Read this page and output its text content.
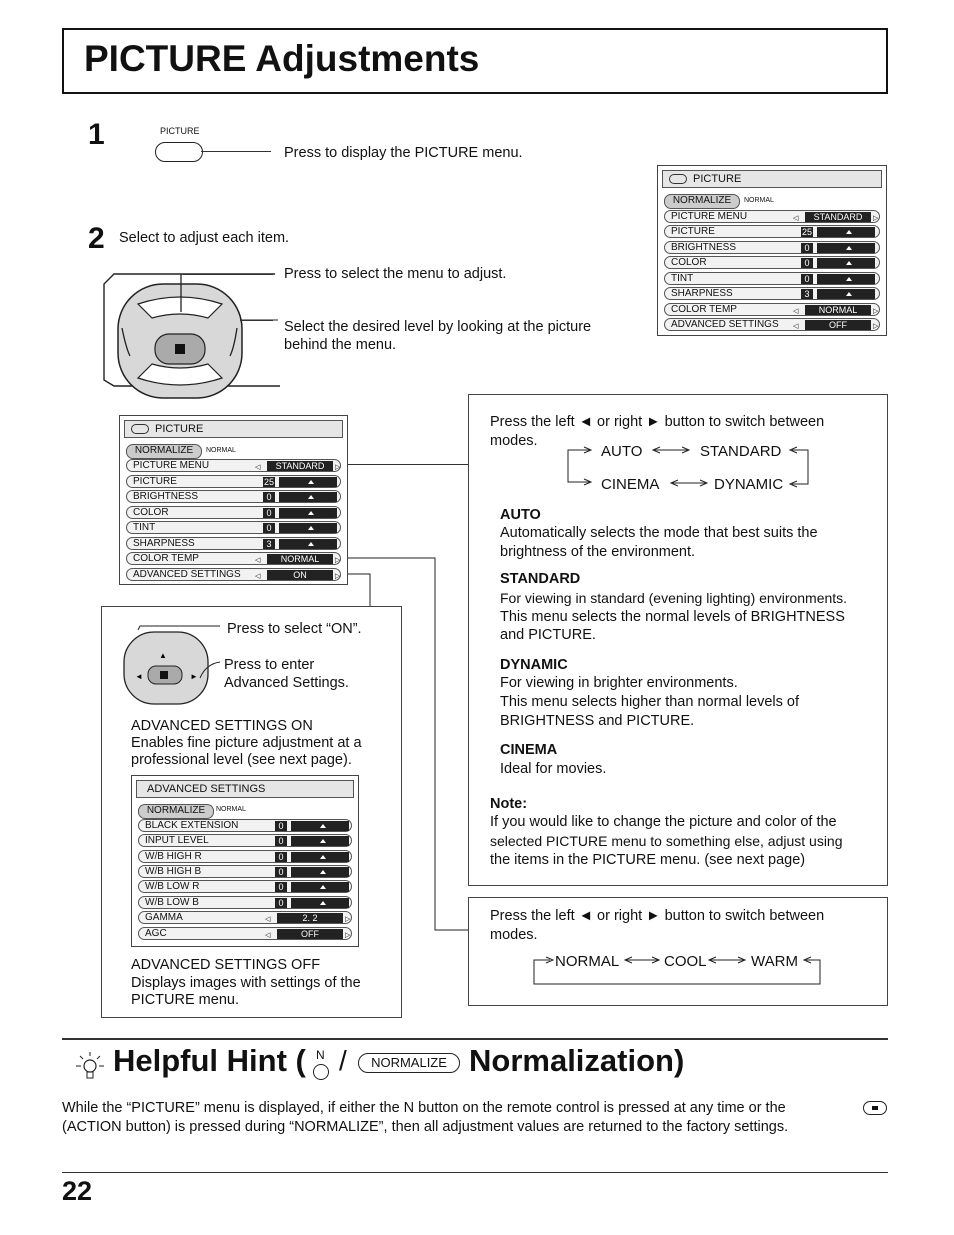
PICTURE Adjustments
1	PICTURE
Press to display the PICTURE menu.
PICTURE
NORMALIZE	NORMAL
PICTURE MENU	◁	STANDARD	▷
PICTURE	25
BRIGHTNESS	0
COLOR	0
TINT	0
SHARPNESS	3
COLOR TEMP	◁	NORMAL	▷
ADVANCED SETTINGS ◁	OFF	▷
2 Select to adjust each item.
Press to select the menu to adjust.
Select the desired level by looking at the picture
behind the menu.
PICTURE
NORMALIZE	NORMAL
PICTURE MENU	◁	STANDARD	▷
PICTURE	25
BRIGHTNESS	0
COLOR	0
TINT	0
SHARPNESS	3
COLOR TEMP	◁	NORMAL	▷
ADVANCED SETTINGS ◁	ON	▷
Press the left ◄ or right ► button to switch between
modes.
AUTO	STANDARD
CINEMA	DYNAMIC
AUTO
Automatically selects the mode that best suits the
brightness of the environment.
STANDARD
For viewing in standard (evening lighting) environments.
This menu selects the normal levels of BRIGHTNESS
and PICTURE.
DYNAMIC
For viewing in brighter environments.
This menu selects higher than normal levels of
BRIGHTNESS and PICTURE.
CINEMA
Ideal for movies.
Note:
If you would like to change the picture and color of the
selected PICTURE menu to something else, adjust using
the items in the PICTURE menu. (see next page)
Press the left ◄ or right ► button to switch between
modes.
NORMAL	COOL	WARM
▲
◄	►
Press to select “ON”.
Press to enter
Advanced Settings.
ADVANCED SETTINGS ON
Enables fine picture adjustment at a
professional level (see next page).
ADVANCED SETTINGS
NORMALIZE	NORMAL
BLACK EXTENSION	0
INPUT LEVEL	0
W/B HIGH R	0
W/B HIGH B	0
W/B LOW R	0
W/B LOW B	0
GAMMA	◁	2. 2	▷
AGC	◁	OFF	▷
ADVANCED SETTINGS OFF
Displays images with settings of the
PICTURE menu.
Helpful Hint ( N /	NORMALIZE Normalization)
While the “PICTURE” menu is displayed, if either the N button on the remote control is pressed at any time or the
(ACTION button) is pressed during “NORMALIZE”, then all adjustment values are returned to the factory settings.
22
